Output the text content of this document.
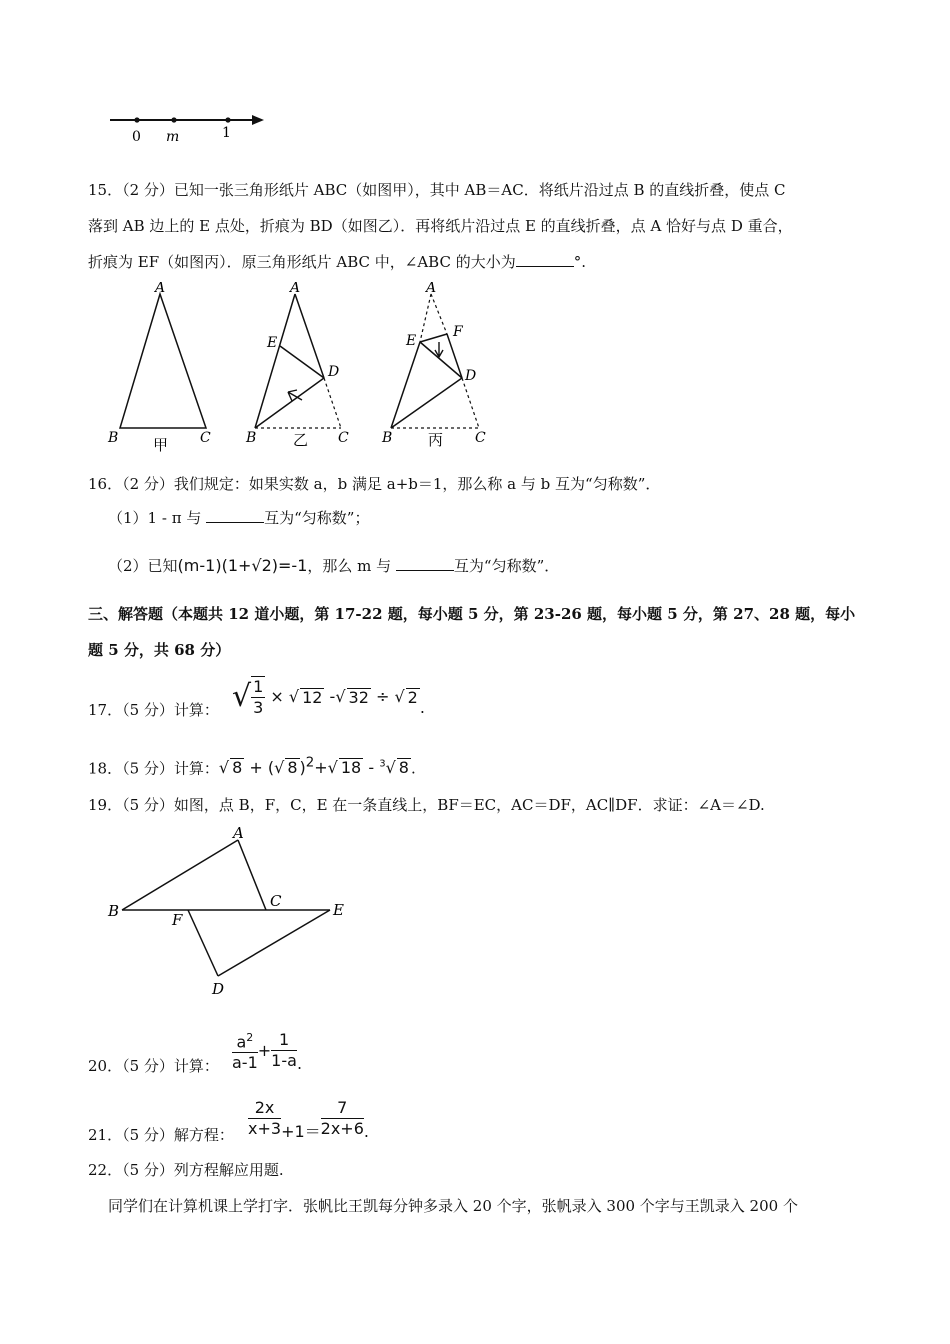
0 m	1
15．（2 分）已知一张三角形纸片 ABC（如图甲），其中 AB＝AC．将纸片沿过点 B 的直线折叠，使点 C
落到 AB 边上的 E 点处，折痕为 BD（如图乙）．再将纸片沿过点 E 的直线折叠，点 A 恰好与点 D 重合，
折痕为 EF（如图丙）．原三角形纸片 ABC 中，∠ABC 的大小为	°.
A
B	C
甲
A
E
D
B	C
乙
A
E
F
D
B	C
丙
16．（2 分）我们规定：如果实数 a，b 满足 a+b＝1，那么称 a 与 b 互为“匀称数”．
（1）1 - π 与	互为“匀称数”；
（2）已知(m-1)(1+√2)=-1，那么 m 与	互为“匀称数”．
三、解答题（本题共 12 道小题，第 17-22 题，每小题 5 分，第 23-26 题，每小题 5 分，第 27、28 题，每小
题 5 分，共 68 分）
17．（5 分）计算： √ $\frac{1}{3}$ × √ 12 -√ 32 ÷ √ 2.
18．（5 分）计算：√ 8 + (√ 8 )$^2$+√ 18 - $^3$√ 8 .
19．（5 分）如图，点 B，F，C，E 在一条直线上，BF＝EC，AC＝DF，AC∥DF．求证：∠A＝∠D.
A
B
C	E
F
D
20．（5 分）计算： $\frac{a^2}{a-1} + \frac{1}{1-a}$ .
21．（5 分）解方程： $\frac{2x}{x+3} +1= \frac{7}{2x+6}$ .
22．（5 分）列方程解应用题.
同学们在计算机课上学打字．张帆比王凯每分钟多录入 20 个字，张帆录入 300 个字与王凯录入 200 个
